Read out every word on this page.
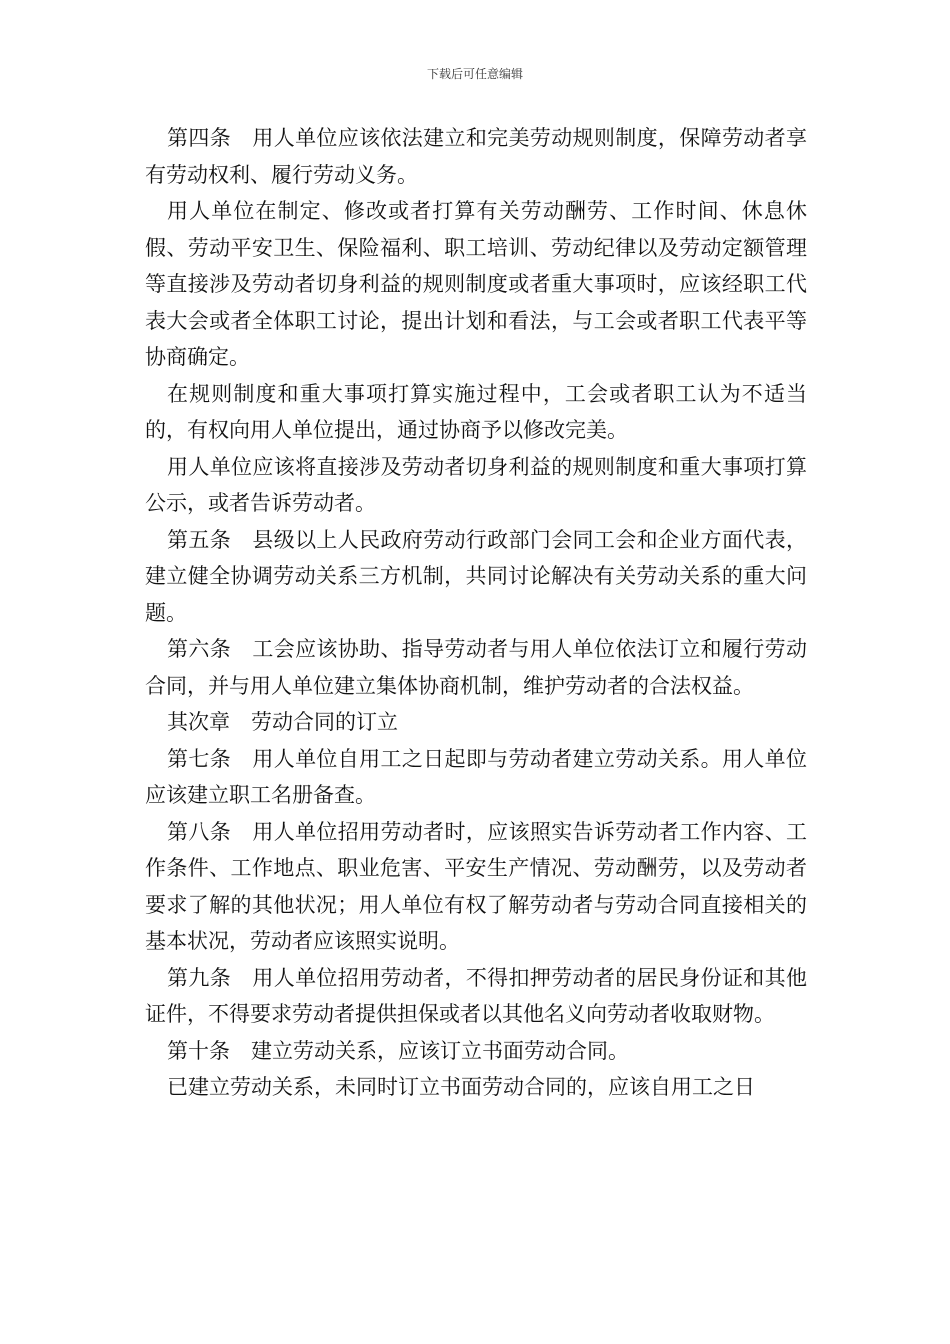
下载后可任意编辑

第四条　用人单位应该依法建立和完美劳动规则制度，保障劳动者享有劳动权利、履行劳动义务。

用人单位在制定、修改或者打算有关劳动酬劳、工作时间、休息休假、劳动平安卫生、保险福利、职工培训、劳动纪律以及劳动定额管理等直接涉及劳动者切身利益的规则制度或者重大事项时，应该经职工代表大会或者全体职工讨论，提出计划和看法，与工会或者职工代表平等协商确定。

在规则制度和重大事项打算实施过程中，工会或者职工认为不适当的，有权向用人单位提出，通过协商予以修改完美。

用人单位应该将直接涉及劳动者切身利益的规则制度和重大事项打算公示，或者告诉劳动者。

第五条　县级以上人民政府劳动行政部门会同工会和企业方面代表，建立健全协调劳动关系三方机制，共同讨论解决有关劳动关系的重大问题。

第六条　工会应该协助、指导劳动者与用人单位依法订立和履行劳动合同，并与用人单位建立集体协商机制，维护劳动者的合法权益。

其次章　劳动合同的订立

第七条　用人单位自用工之日起即与劳动者建立劳动关系。用人单位应该建立职工名册备查。

第八条　用人单位招用劳动者时，应该照实告诉劳动者工作内容、工作条件、工作地点、职业危害、平安生产情况、劳动酬劳，以及劳动者要求了解的其他状况；用人单位有权了解劳动者与劳动合同直接相关的基本状况，劳动者应该照实说明。

第九条　用人单位招用劳动者，不得扣押劳动者的居民身份证和其他证件，不得要求劳动者提供担保或者以其他名义向劳动者收取财物。

第十条　建立劳动关系，应该订立书面劳动合同。

已建立劳动关系，未同时订立书面劳动合同的，应该自用工之日
